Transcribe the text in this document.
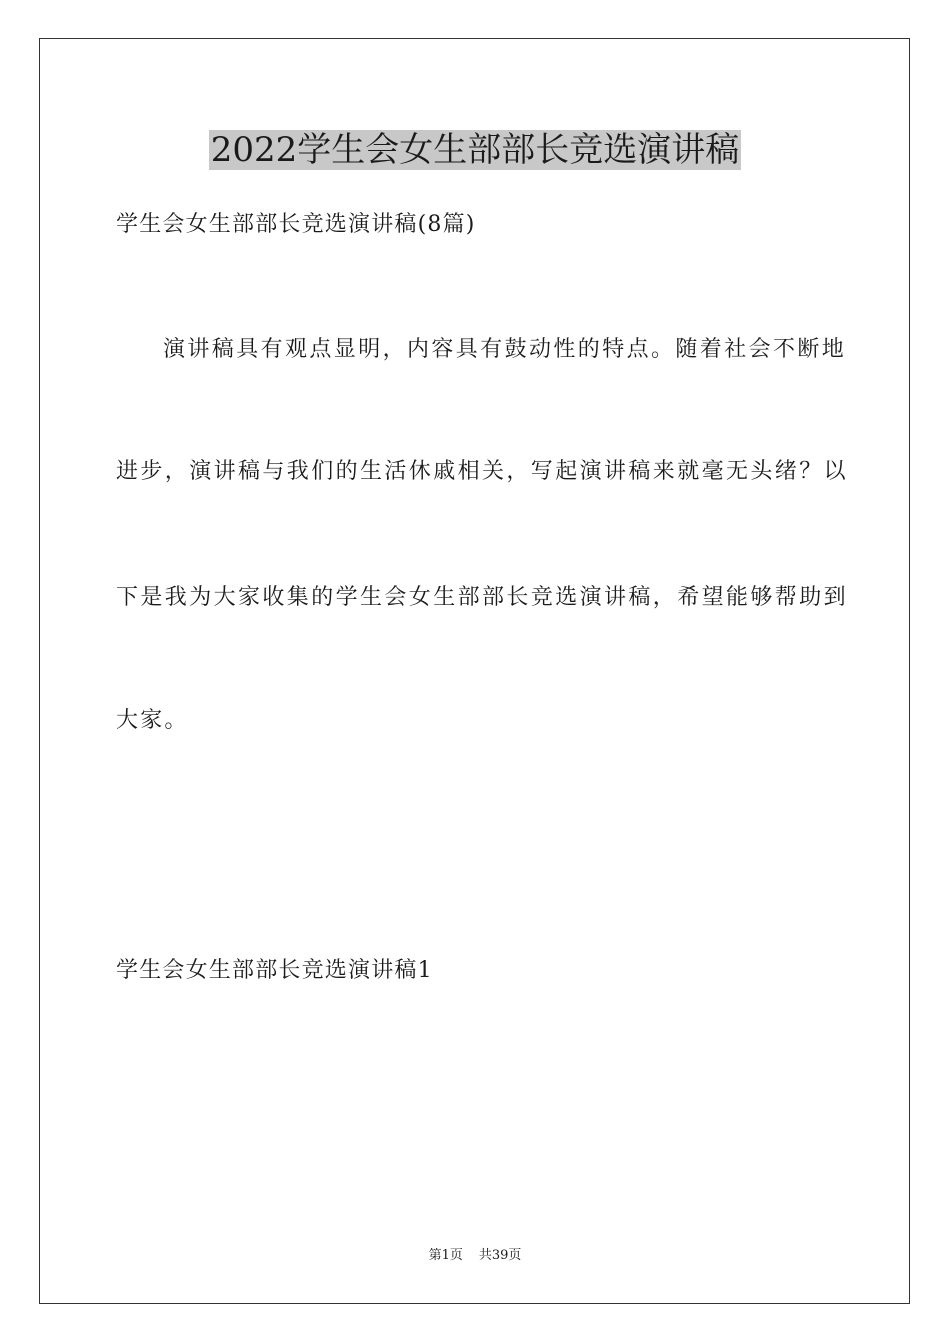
2022学生会女生部部长竞选演讲稿

学生会女生部部长竞选演讲稿(8篇)

演讲稿具有观点显明，内容具有鼓动性的特点。随着社会不断地

进步，演讲稿与我们的生活休戚相关，写起演讲稿来就毫无头绪？以

下是我为大家收集的学生会女生部部长竞选演讲稿，希望能够帮助到

大家。

学生会女生部部长竞选演讲稿1

第1页 共39页
